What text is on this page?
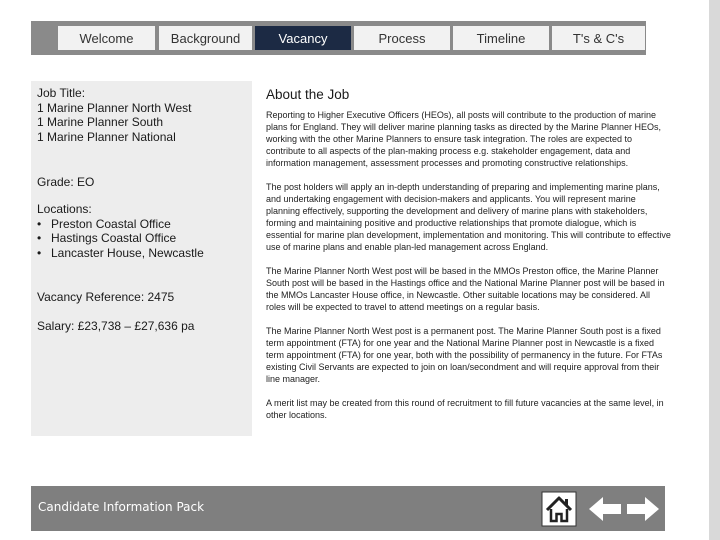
Welcome	Background	Vacancy	Process	Timeline	T's & C's
Job Title:
1 Marine Planner North West
1 Marine Planner South
1 Marine Planner National
Grade: EO
Locations:
• Preston Coastal Office
• Hastings Coastal Office
• Lancaster House, Newcastle
Vacancy Reference: 2475
Salary: £23,738 – £27,636 pa
About the Job

Reporting to Higher Executive Officers (HEOs), all posts will contribute to the production of marine plans for England. They will deliver marine planning tasks as directed by the Marine Planner HEOs, working with the other Marine Planners to ensure task integration. The roles are expected to contribute to all aspects of the plan-making process e.g. stakeholder engagement, data and information management, assessment processes and promoting constructive relationships.

The post holders will apply an in-depth understanding of preparing and implementing marine plans, and undertaking engagement with decision-makers and applicants. You will represent marine planning effectively, supporting the development and delivery of marine plans with stakeholders, forming and maintaining positive and productive relationships that promote dialogue, which is essential for marine plan development, implementation and monitoring. This will contribute to effective use of marine plans and enable plan-led management across England.

The Marine Planner North West post will be based in the MMOs Preston office, the Marine Planner South post will be based in the Hastings office and the National Marine Planner post will be based in the MMOs Lancaster House office, in Newcastle. Other suitable locations may be considered. All roles will be expected to travel to attend meetings on a regular basis.

The Marine Planner North West post is a permanent post. The Marine Planner South post is a fixed term appointment (FTA) for one year and the National Marine Planner post in Newcastle is a fixed term appointment (FTA) for one year, both with the possibility of permanency in the future. For FTAs existing Civil Servants are expected to join on loan/secondment and will require approval from their line manager.

A merit list may be created from this round of recruitment to fill future vacancies at the same level, in other locations.

Candidate Information Pack
